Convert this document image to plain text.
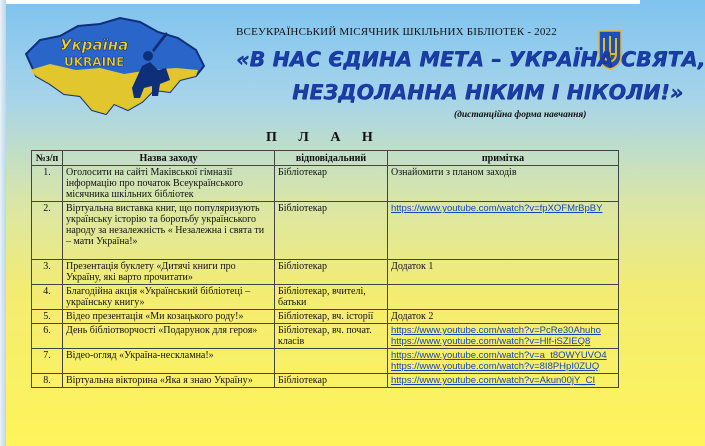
Україна
UKRAINE
ВСЕУКРАЇНСЬКИЙ МІСЯЧНИК ШКІЛЬНИХ БІБЛІОТЕК - 2022
«В НАС ЄДИНА МЕТА – УКРАЇНА СВЯТА,
НЕЗДОЛАННА НІКИМ І НІКОЛИ!»
(дистанційна форма навчання)
П Л А Н
№з/п	Назва заходу	відповідальний	примітка
1.	Оголосити на сайті Маківської гімназії інформацію про початок Всеукраїнського місячника шкільних бібліотек	Бібліотекар	Ознайомити з планом заходів
2.	Віртуальна виставка книг, що популяризують українську історію та боротьбу українського народу за незалежність « Незалежна і свята ти – мати Україна!»	Бібліотекар	https://www.youtube.com/watch?v=fpXOFMrBpBY

3.	Презентація буклету «Дитячі книги про Україну, які варто прочитати»	Бібліотекар	Додаток 1
4.	Благодійна акція «Український бібліотеці – українську книгу»	Бібліотекар, вчителі, батьки	
5.	Відео презентація «Ми козацького роду!»	Бібліотекар, вч. історії	Додаток 2
6.	День бібліотворчості «Подарунок для героя»	Бібліотекар, вч. почат. класів	https://www.youtube.com/watch?v=PcRe30Ahuho
https://www.youtube.com/watch?v=Hlf-iSZIEQ8

7.	Відео-огляд «Україна-нескламна!»		https://www.youtube.com/watch?v=a_t8OWYUVO4
https://www.youtube.com/watch?v=8I8PHpI0ZUQ

8.	Віртуальна вікторина «Яка я знаю Україну»	Бібліотекар	https://www.youtube.com/watch?v=Akun00jY_CI
